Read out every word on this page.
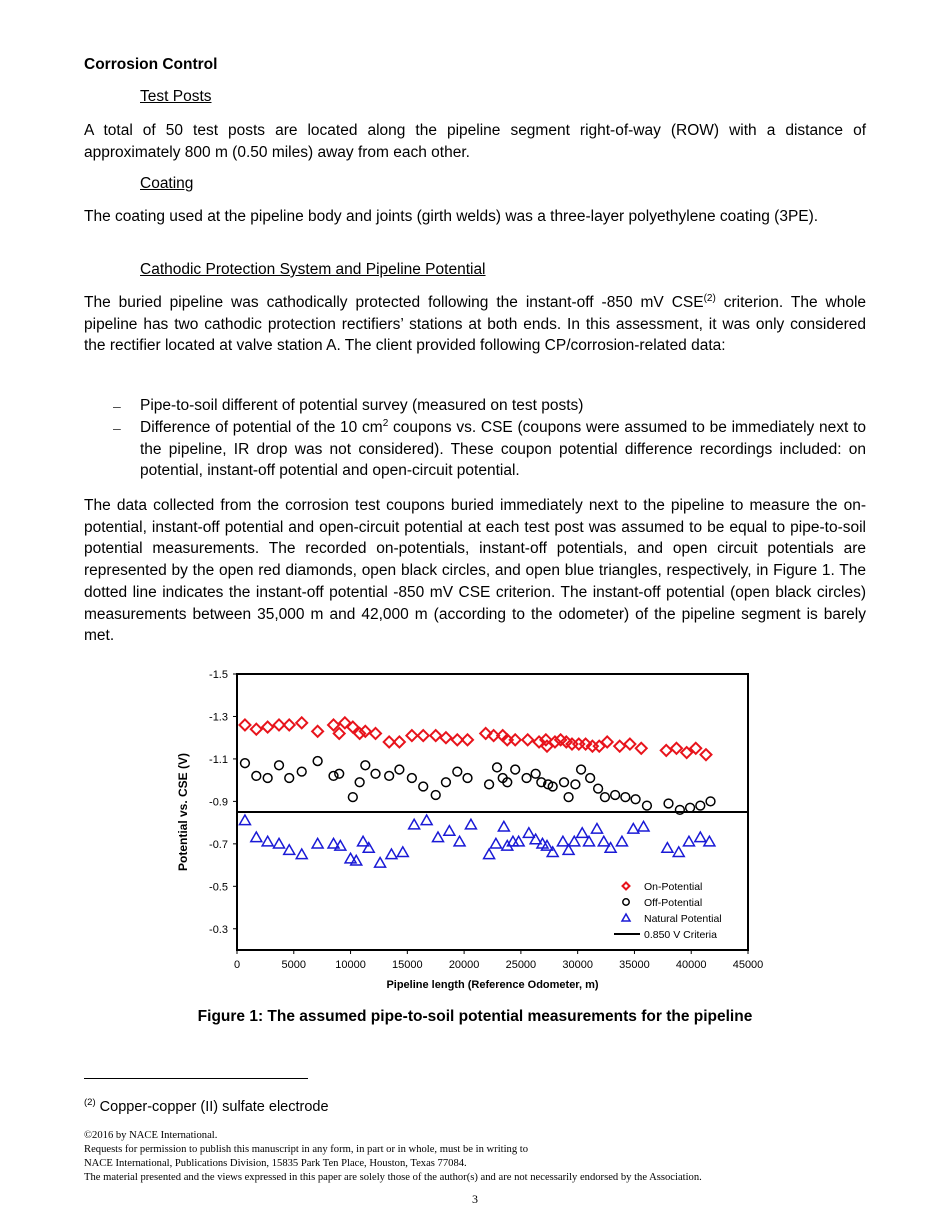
Corrosion Control
Test Posts
A total of 50 test posts are located along the pipeline segment right-of-way (ROW) with a distance of approximately 800 m (0.50 miles) away from each other.
Coating
The coating used at the pipeline body and joints (girth welds) was a three-layer polyethylene coating (3PE).
Cathodic Protection System and Pipeline Potential
The buried pipeline was cathodically protected following the instant-off -850 mV CSE$^{(2)}$ criterion. The whole pipeline has two cathodic protection rectifiers’ stations at both ends. In this assessment, it was only considered the rectifier located at valve station A. The client provided following CP/corrosion-related data:
– Pipe-to-soil different of potential survey (measured on test posts)
– Difference of potential of the 10 $cm^2$ coupons vs. CSE (coupons were assumed to be immediately next to the pipeline, IR drop was not considered). These coupon potential difference recordings included: on potential, instant-off potential and open-circuit potential.
The data collected from the corrosion test coupons buried immediately next to the pipeline to measure the on-potential, instant-off potential and open-circuit potential at each test post was assumed to be equal to pipe-to-soil potential measurements. The recorded on-potentials, instant-off potentials, and open circuit potentials are represented by the open red diamonds, open black circles, and open blue triangles, respectively, in Figure 1. The dotted line indicates the instant-off potential -850 mV CSE criterion. The instant-off potential (open black circles) measurements between 35,000 m and 42,000 m (according to the odometer) of the pipeline segment is barely met.
-1.5
-1.3
-1.1
-0.9
-0.7
-0.5
-0.3
0	5000	10000 15000 20000 25000 30000 35000 40000 45000
Pipeline length (Reference Odometer, m)
Potential vs. CSE (V)
On-Potential
Off-Potential
Natural Potential
0.850 V Criteria
Figure 1: The assumed pipe-to-soil potential measurements for the pipeline
$^{(2)}$ Copper-copper (II) sulfate electrode
©2016 by NACE International.
Requests for permission to publish this manuscript in any form, in part or in whole, must be in writing to
NACE International, Publications Division, 15835 Park Ten Place, Houston, Texas 77084.
The material presented and the views expressed in this paper are solely those of the author(s) and are not necessarily endorsed by the Association.
3
